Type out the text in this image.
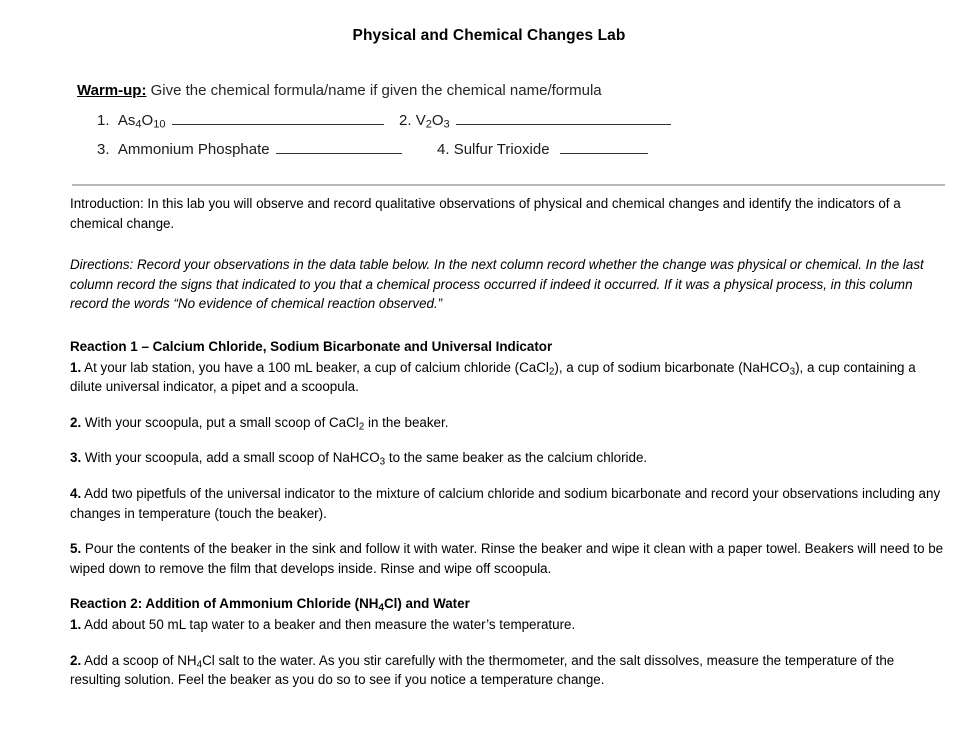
Physical and Chemical Changes Lab
Warm-up: Give the chemical formula/name if given the chemical name/formula
1. $As_4O_{10}$	2. $V_2O_3$
3. Ammonium Phosphate	4. Sulfur Trioxide

Introduction: In this lab you will observe and record qualitative observations of physical and chemical changes and identify the indicators of a chemical change.

Directions: Record your observations in the data table below. In the next column record whether the change was physical or chemical. In the last column record the signs that indicated to you that a chemical process occurred if indeed it occurred. If it was a physical process, in this column record the words “No evidence of chemical reaction observed.”

Reaction 1 – Calcium Chloride, Sodium Bicarbonate and Universal Indicator

1. At your lab station, you have a 100 mL beaker, a cup of calcium chloride (CaCl$_2$), a cup of sodium bicarbonate (NaHCO$_3$), a cup containing a dilute universal indicator, a pipet and a scoopula.

2. With your scoopula, put a small scoop of CaCl$_2$ in the beaker.

3. With your scoopula, add a small scoop of NaHCO$_3$ to the same beaker as the calcium chloride.

4. Add two pipetfuls of the universal indicator to the mixture of calcium chloride and sodium bicarbonate and record your observations including any changes in temperature (touch the beaker).

5. Pour the contents of the beaker in the sink and follow it with water. Rinse the beaker and wipe it clean with a paper towel. Beakers will need to be wiped down to remove the film that develops inside. Rinse and wipe off scoopula.

Reaction 2: Addition of Ammonium Chloride $(NH_4Cl)$ and Water

1. Add about 50 mL tap water to a beaker and then measure the water’s temperature.

2. Add a scoop of $NH_4Cl$ salt to the water. As you stir carefully with the thermometer, and the salt dissolves, measure the temperature of the resulting solution. Feel the beaker as you do so to see if you notice a temperature change.
